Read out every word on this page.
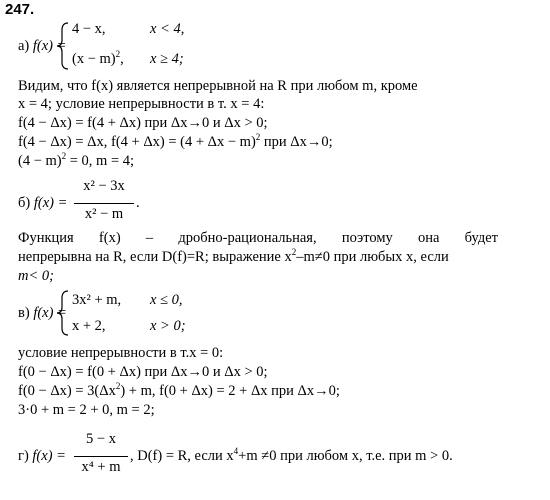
247.
а) f(x) =
4 − x,	x < 4,
$(x - m)^2$, x ≥ 4;
Видим, что f(x) является непрерывной на R при любом m, кроме
x = 4; условие непрерывности в т. x = 4:
f(4 − Δx) = f(4 + Δx) при Δx→0 и Δx > 0;
f(4 − Δx) = Δx, $f(4 + \Delta x) = (4 + \Delta x - m)^2$ при Δx→0;
$(4 - m)^2 = 0$, m = 4;
б) f(x) =
x² − 3x
x² − m
.
Функция f(x) – дробно-рациональная, поэтому она будет
непрерывна на R, если D(f)=R; выражение $x^2-m\ne 0$ при любых x, если
m< 0;
в) f(x) =
3x² + m, x ≤ 0,
x + 2,	x > 0;
условие непрерывности в т.x = 0:
f(0 − Δx) = f(0 + Δx) при Δx→0 и Δx > 0;
$f(0 - \Delta x) = 3(\Delta x^2) + m$, f(0 + Δx) = 2 + Δx при Δx→0;
3·0 + m = 2 + 0, m = 2;
г) f(x) =
5 − x
x⁴ + m
, D(f) = R, если $x^4+m \ne 0$ при любом x, т.е. при m > 0.
